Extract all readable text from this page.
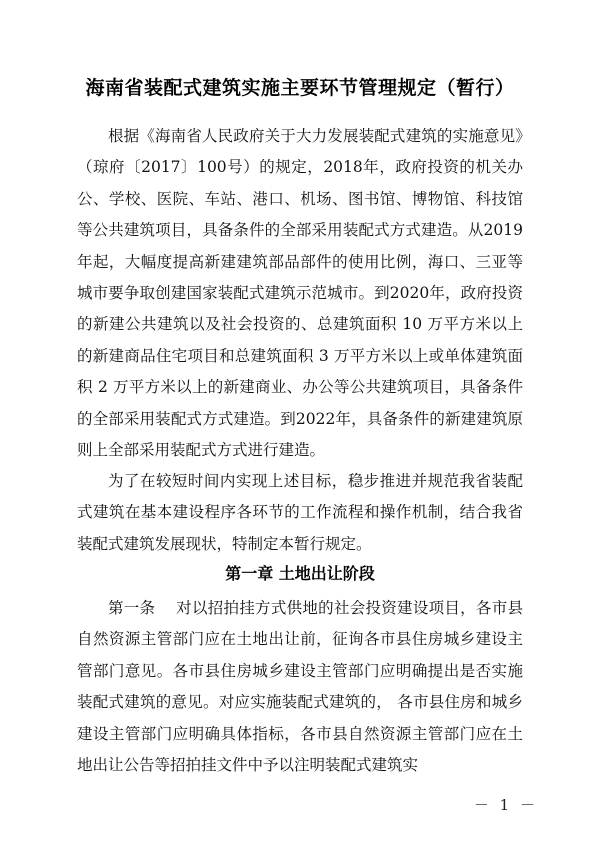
海南省装配式建筑实施主要环节管理规定（暂行）

根据《海南省人民政府关于大力发展装配式建筑的实施意见》（琼府〔2017〕100号）的规定，2018年，政府投资的机关办公、学校、医院、车站、港口、机场、图书馆、博物馆、科技馆等公共建筑项目，具备条件的全部采用装配式方式建造。从2019年起，大幅度提高新建建筑部品部件的使用比例，海口、三亚等城市要争取创建国家装配式建筑示范城市。到2020年，政府投资的新建公共建筑以及社会投资的、总建筑面积 10 万平方米以上的新建商品住宅项目和总建筑面积 3 万平方米以上或单体建筑面积 2 万平方米以上的新建商业、办公等公共建筑项目，具备条件的全部采用装配式方式建造。到2022年，具备条件的新建建筑原则上全部采用装配式方式进行建造。

为了在较短时间内实现上述目标，稳步推进并规范我省装配式建筑在基本建设程序各环节的工作流程和操作机制，结合我省装配式建筑发展现状，特制定本暂行规定。

第一章 土地出让阶段

第一条 对以招拍挂方式供地的社会投资建设项目，各市县自然资源主管部门应在土地出让前，征询各市县住房城乡建设主管部门意见。各市县住房城乡建设主管部门应明确提出是否实施装配式建筑的意见。对应实施装配式建筑的， 各市县住房和城乡建设主管部门应明确具体指标，各市县自然资源主管部门应在土地出让公告等招拍挂文件中予以注明装配式建筑实

－ 1 －
